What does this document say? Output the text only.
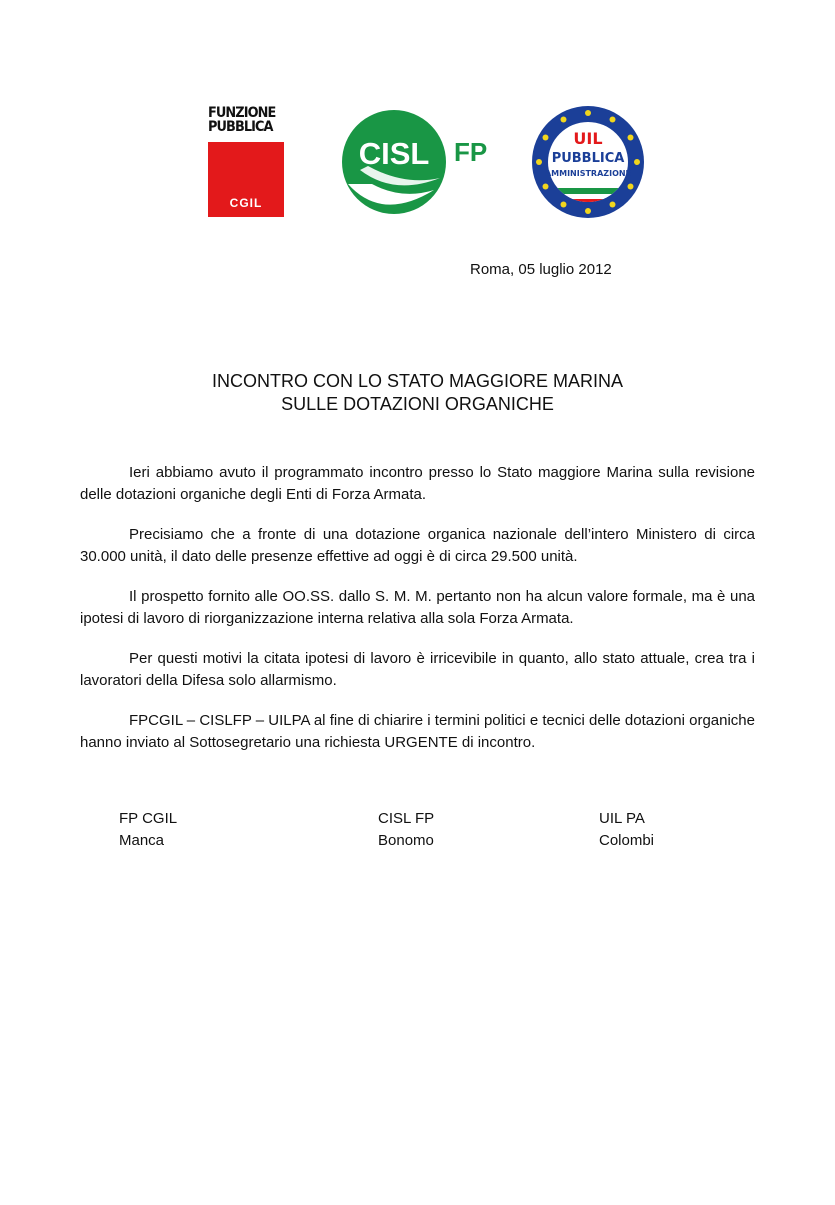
FUNZIONE
PUBBLICA
CGIL
CISL FP	UIL
PUBBLICA
AMMINISTRAZIONE
Roma, 05 luglio 2012
INCONTRO CON LO STATO MAGGIORE MARINA
SULLE DOTAZIONI ORGANICHE

Ieri abbiamo avuto il programmato incontro presso lo Stato maggiore Marina sulla revisione delle dotazioni organiche degli Enti di Forza Armata.

Precisiamo che a fronte di una dotazione organica nazionale dell’intero Ministero di circa 30.000 unità, il dato delle presenze effettive ad oggi è di circa 29.500 unità.

Il prospetto fornito alle OO.SS. dallo S. M. M. pertanto non ha alcun valore formale, ma è una ipotesi di lavoro di riorganizzazione interna relativa alla sola Forza Armata.

Per questi motivi la citata ipotesi di lavoro è irricevibile in quanto, allo stato attuale, crea tra i lavoratori della Difesa solo allarmismo.

FPCGIL – CISLFP – UILPA al fine di chiarire i termini politici e tecnici delle dotazioni organiche hanno inviato al Sottosegretario una richiesta URGENTE di incontro.

FP CGIL
Manca
CISL FP
Bonomo
UIL PA
Colombi
